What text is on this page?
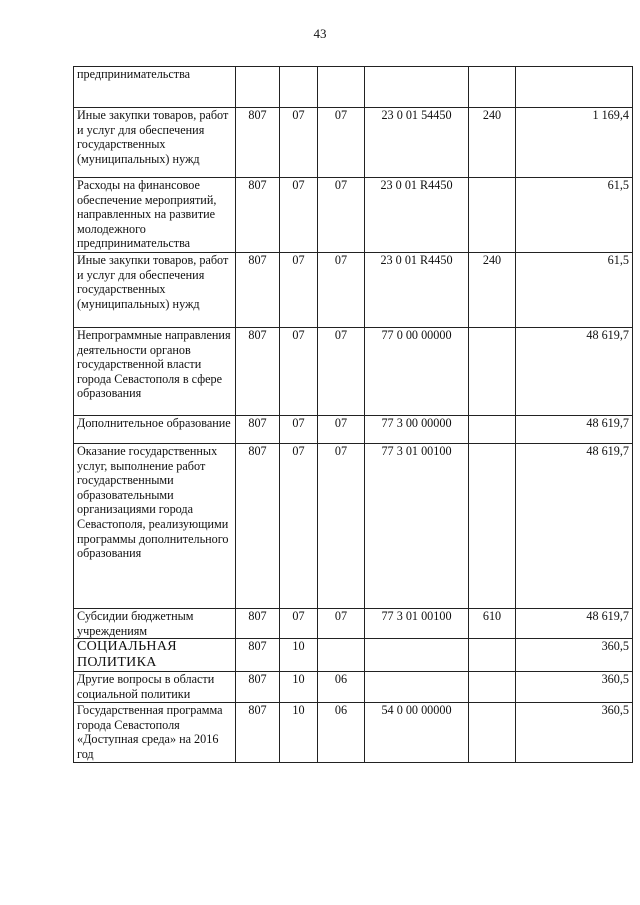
43
предпринимательства						
Иные закупки товаров, работ и услуг для обеспечения государственных (муниципальных) нужд	807	07	07	23 0 01 54450	240	1 169,4
Расходы на финансовое обеспечение мероприятий, направленных на развитие молодежного предпринимательства	807	07	07	23 0 01 R4450		61,5
Иные закупки товаров, работ и услуг для обеспечения государственных (муниципальных) нужд	807	07	07	23 0 01 R4450	240	61,5
Непрограммные направления деятельности органов государственной власти города Севастополя в сфере образования	807	07	07	77 0 00 00000		48 619,7
Дополнительное образование	807	07	07	77 3 00 00000		48 619,7
Оказание государственных услуг, выполнение работ государственными образовательными организациями города Севастополя, реализующими программы дополнительного образования	807	07	07	77 3 01 00100		48 619,7
Субсидии бюджетным учреждениям	807	07	07	77 3 01 00100	610	48 619,7
СОЦИАЛЬНАЯ ПОЛИТИКА	807	10				360,5
Другие вопросы в области социальной политики	807	10	06			360,5
Государственная программа города Севастополя «Доступная среда» на 2016 год	807	10	06	54 0 00 00000		360,5
